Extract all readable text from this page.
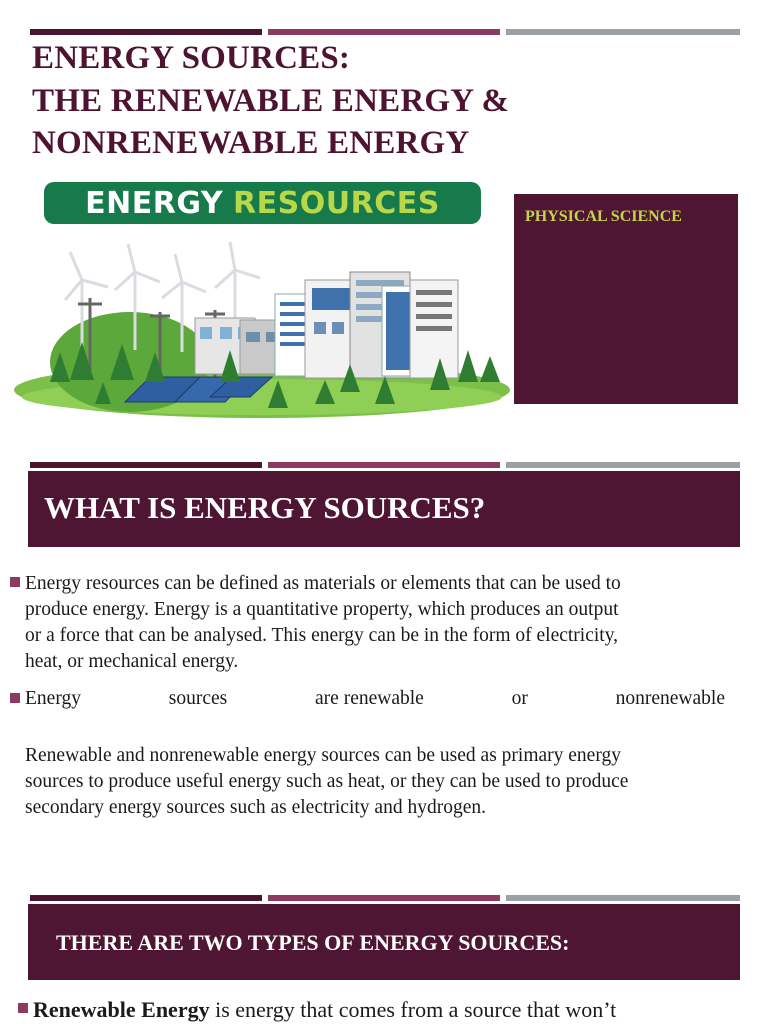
ENERGY SOURCES:
THE RENEWABLE ENERGY &
NONRENEWABLE ENERGY
ENERGY RESOURCES	PHYSICAL SCIENCE
WHAT IS ENERGY SOURCES?
Energy resources can be defined as materials or elements that can be used to
produce energy. Energy is a quantitative property, which produces an output
or a force that can be analysed. This energy can be in the form of electricity,
heat, or mechanical energy.
Energy	sources	are renewable	or	nonrenewable
Renewable and nonrenewable energy sources can be used as primary energy
sources to produce useful energy such as heat, or they can be used to produce
secondary energy sources such as electricity and hydrogen.
THERE ARE TWO TYPES OF ENERGY SOURCES:
Renewable Energy is energy that comes from a source that won’t
